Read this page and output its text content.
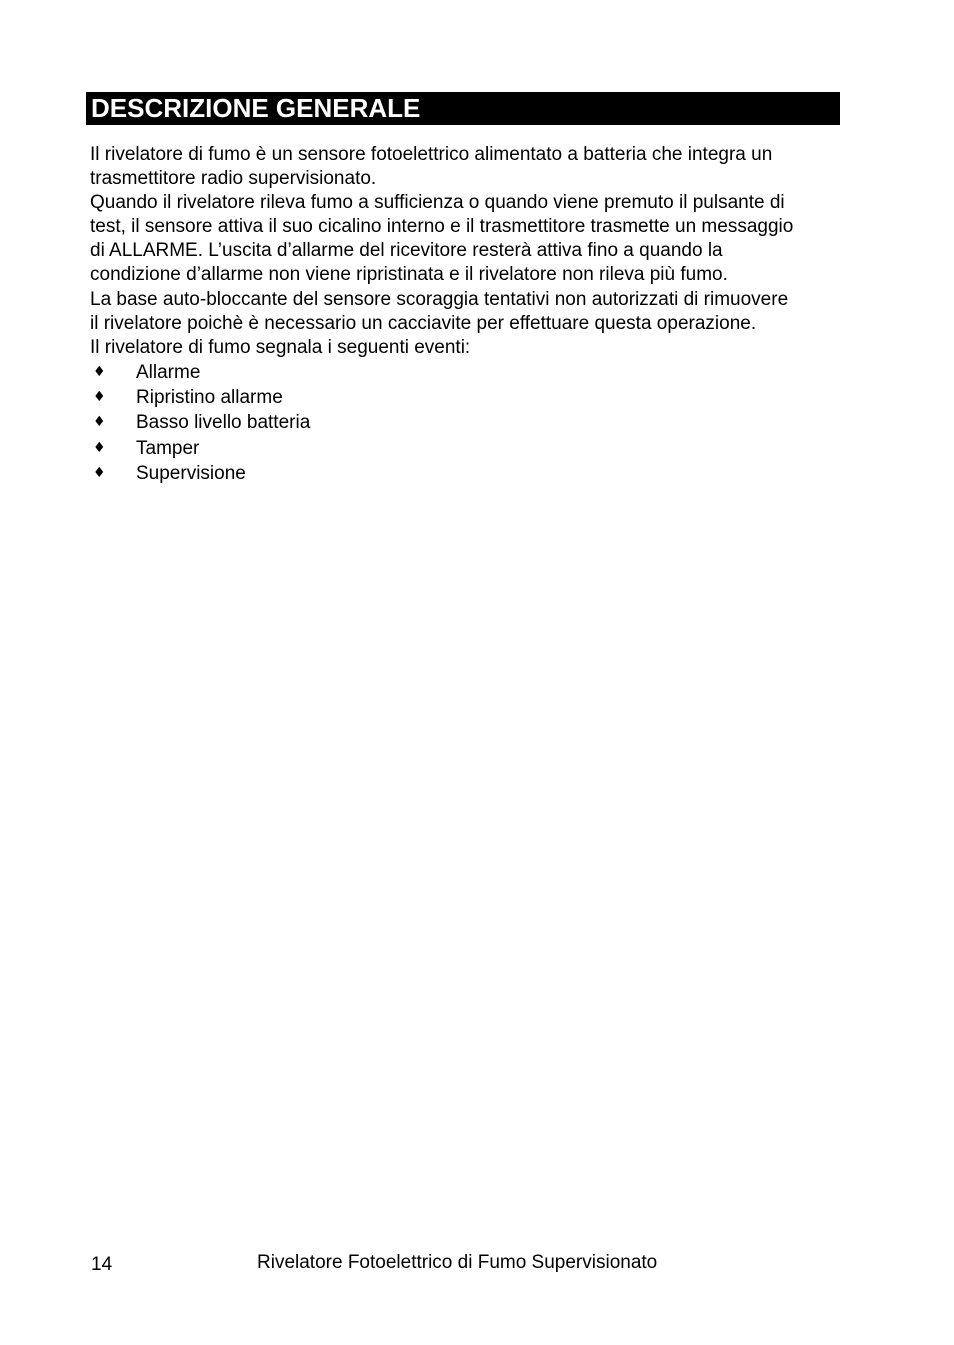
DESCRIZIONE GENERALE

Il rivelatore di fumo è un sensore fotoelettrico alimentato a batteria che integra un

trasmettitore radio supervisionato.

Quando il rivelatore rileva fumo a sufficienza o quando viene premuto il pulsante di

test, il sensore attiva il suo cicalino interno e il trasmettitore trasmette un messaggio

di ALLARME. L’uscita d’allarme del ricevitore resterà attiva fino a quando la

condizione d’allarme non viene ripristinata e il rivelatore non rileva più fumo.

La base auto-bloccante del sensore scoraggia tentativi non autorizzati di rimuovere

il rivelatore poichè è necessario un cacciavite per effettuare questa operazione.

Il rivelatore di fumo segnala i seguenti eventi:

♦ Allarme
♦ Ripristino allarme
♦ Basso livello batteria
♦ Tamper
♦ Supervisione
14	Rivelatore Fotoelettrico di Fumo Supervisionato
